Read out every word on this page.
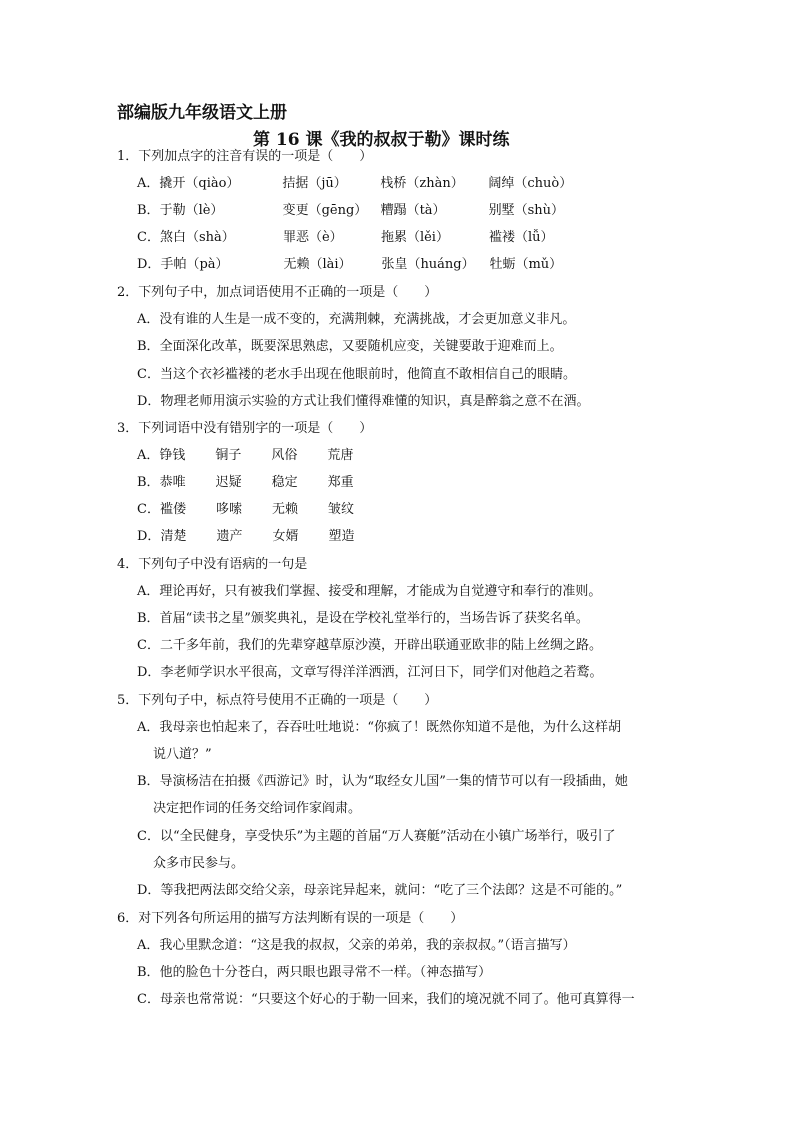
部编版九年级语文上册
第 16 课《我的叔叔于勒》课时练
1．下列加点字的注音有误的一项是（　　）
A．撬开（qiào）	拮据（jū）	栈桥（zhàn） 阔绰（chuò）
B．于勒（lè）	变更（gēng） 糟蹋（tà）	别墅（shù）
C．煞白（shà）	罪恶（è）	拖累（lěi）	褴褛（lǚ）
D．手帕（pà）	无赖（lài） 张皇（huáng） 牡蛎（mǔ）
2．下列句子中，加点词语使用不正确的一项是（　　）
A．没有谁的人生是一成不变的，充满荆棘，充满挑战，才会更加意义非凡。
B．全面深化改革，既要深思熟虑，又要随机应变，关键要敢于迎难而上。
C．当这个衣衫褴褛的老水手出现在他眼前时，他简直不敢相信自己的眼睛。
D．物理老师用演示实验的方式让我们懂得难懂的知识，真是醉翁之意不在酒。
3．下列词语中没有错别字的一项是（　　）
A．铮钱 铜子 风俗 荒唐
B．恭唯 迟疑 稳定 郑重
C．褴偻 哆嗦 无赖 皱纹
D．清楚 遗产 女婿 塑造
4．下列句子中没有语病的一句是
A．理论再好，只有被我们掌握、接受和理解，才能成为自觉遵守和奉行的准则。
B．首届“读书之星”颁奖典礼，是设在学校礼堂举行的，当场告诉了获奖名单。
C．二千多年前，我们的先辈穿越草原沙漠，开辟出联通亚欧非的陆上丝绸之路。
D．李老师学识水平很高，文章写得洋洋洒洒，江河日下，同学们对他趋之若鹜。
5．下列句子中，标点符号使用不正确的一项是（　　）
A．我母亲也怕起来了，吞吞吐吐地说：“你疯了！既然你知道不是他，为什么这样胡
说八道？”
B．导演杨洁在拍摄《西游记》时，认为“取经女儿国”一集的情节可以有一段插曲，她
决定把作词的任务交给词作家阎肃。
C．以“全民健身，享受快乐”为主题的首届“万人赛艇”活动在小镇广场举行，吸引了
众多市民参与。
D．等我把两法郎交给父亲，母亲诧异起来，就问：“吃了三个法郎？这是不可能的。”
6．对下列各句所运用的描写方法判断有误的一项是（　　）
A．我心里默念道：“这是我的叔叔，父亲的弟弟，我的亲叔叔。”（语言描写）
B．他的脸色十分苍白，两只眼也跟寻常不一样。（神态描写）
C．母亲也常常说：“只要这个好心的于勒一回来，我们的境况就不同了。他可真算得一
